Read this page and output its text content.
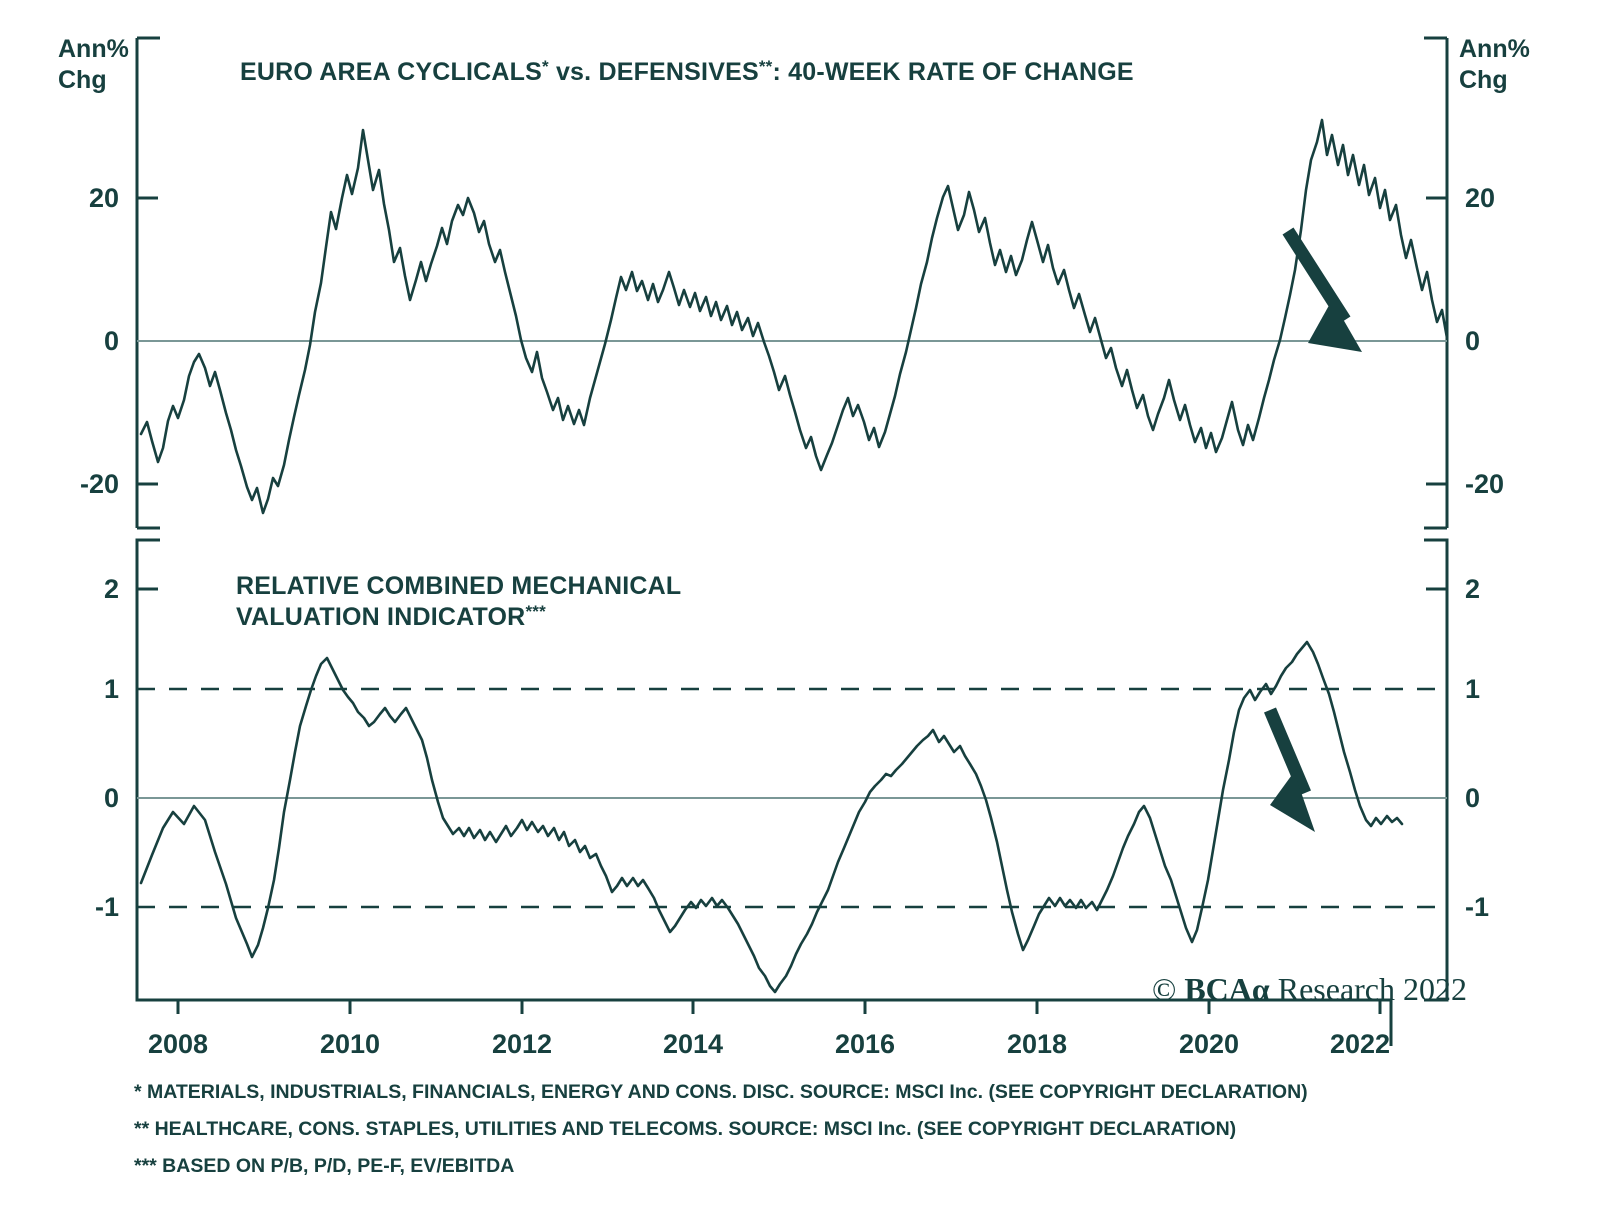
Ann%
Chg
Ann%
Chg
20
0
-20
20
0
-20
EURO AREA CYCLICALS* vs. DEFENSIVES**: 40-WEEK RATE OF CHANGE
2
1
0
-1
2
1
0
-1
RELATIVE COMBINED MECHANICAL
VALUATION INDICATOR***
2008	2010	2012	2014	2016	2018	2020	2022
© BCAα Research 2022
* MATERIALS, INDUSTRIALS, FINANCIALS, ENERGY AND CONS. DISC. SOURCE: MSCI Inc. (SEE COPYRIGHT DECLARATION)
** HEALTHCARE, CONS. STAPLES, UTILITIES AND TELECOMS. SOURCE: MSCI Inc. (SEE COPYRIGHT DECLARATION)
*** BASED ON P/B, P/D, PE-F, EV/EBITDA
